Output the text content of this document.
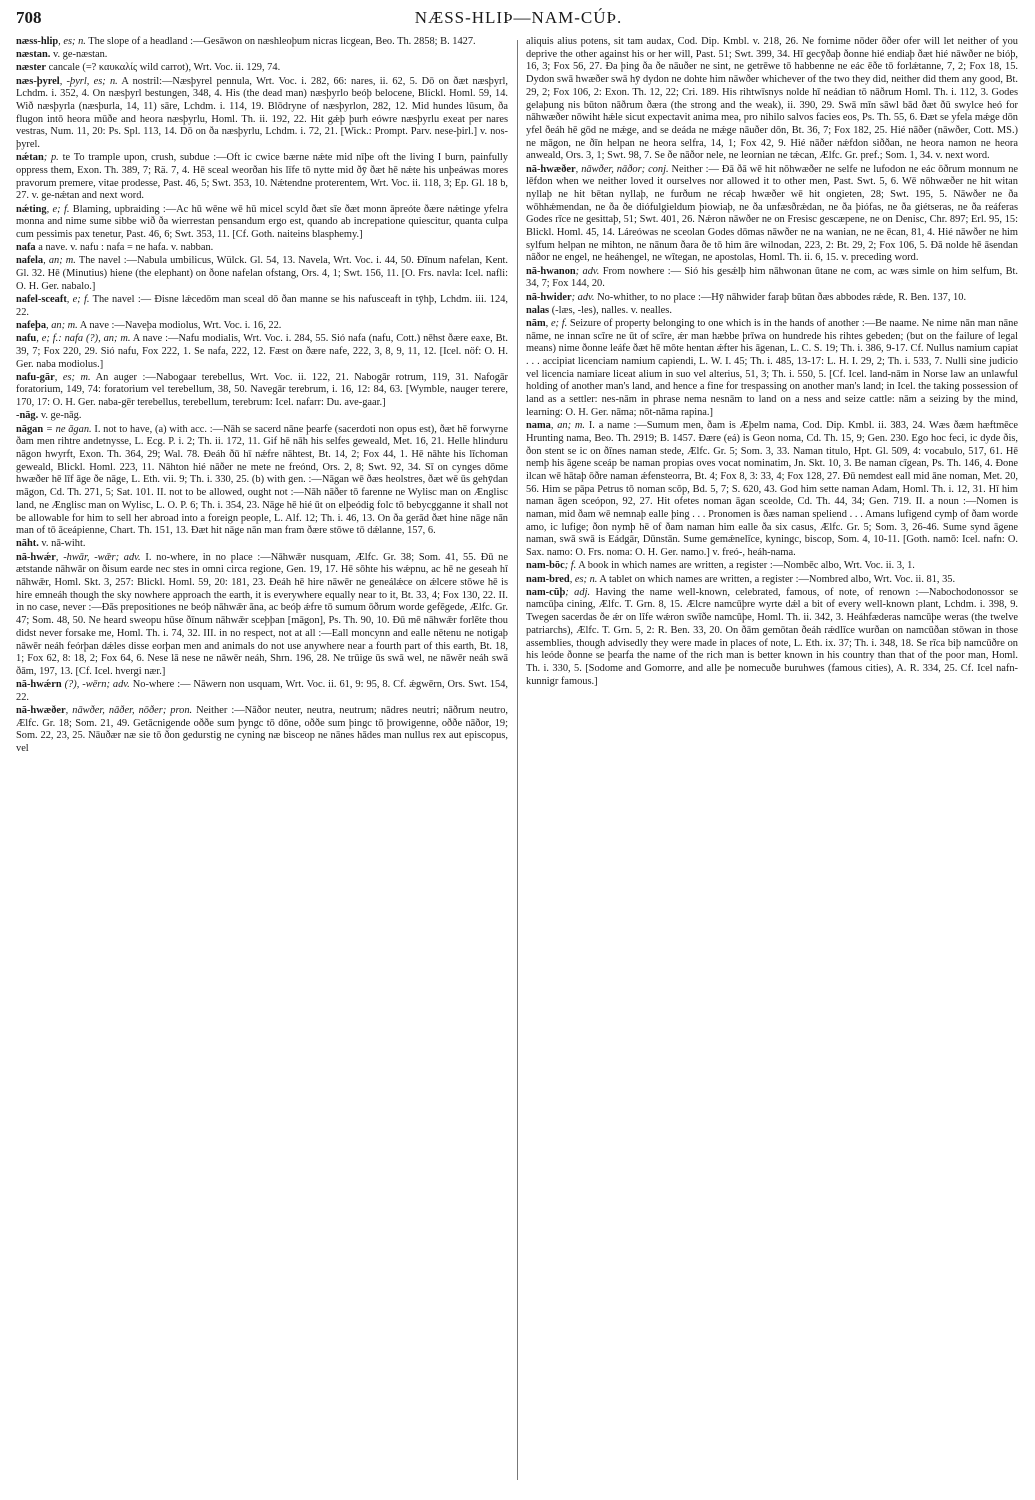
708	NÆSS-HLIÞ—NAM-CÚÞ.

næss-hlip, es; n. The slope of a headland :—Gesāwon on næshleoþum nicras licgean, Beo. Th. 2858; B. 1427.

næstan. v. ge-næstan.

næster cancale (=? καυκαλίς wild carrot), Wrt. Voc. ii. 129, 74.

næs-þyrel, -þyrl, es; n. A nostril:—Næsþyrel pennula, Wrt. Voc. i. 282, 66: nares, ii. 62, 5. Dō on ðæt næsþyrl, Lchdm. i. 352, 4. On næsþyrl bestungen, 348, 4. His (the dead man) næsþyrlo beóþ belocene, Blickl. Homl. 59, 14. Wið næsþyrla (næsþurla, 14, 11) sāre, Lchdm. i. 114, 19. Blōdryne of næsþyrlon, 282, 12. Mid hundes lūsum, ða flugon intō heora mūðe and heora næsþyrlu, Homl. Th. ii. 192, 22. Hit gǽþ þurh eówre næsþyrlu exeat per nares vestras, Num. 11, 20: Ps. Spl. 113, 14. Dō on ða næsþyrlu, Lchdm. i. 72, 21. [Wick.: Prompt. Parv. nese-þirl.] v. nos-þyrel.

nǽtan; p. te To trample upon, crush, subdue :—Oft ic cwice bærne nǽte mid nīþe oft the living I burn, painfully oppress them, Exon. Th. 389, 7; Rä. 7, 4. Hē sceal weorðan his līfe tō nytte mid ðȳ ðæt hē nǽte his unþeáwas mores pravorum premere, vitae prodesse, Past. 46, 5; Swt. 353, 10. Nǽtendne proterentem, Wrt. Voc. ii. 118, 3; Ep. Gl. 18 b, 27. v. ge-nǽtan and next word.

nǽting, e; f. Blaming, upbraiding :—Ac hū wēne wē hū micel scyld ðæt sīe ðæt monn āpreóte ðære nǽtinge yfelra monna and nime sume sibbe wið ða wierrestan pensandum ergo est, quando ab increpatione quiescitur, quanta culpa cum pessimis pax tenetur, Past. 46, 6; Swt. 353, 11. [Cf. Goth. naiteins blasphemy.]

nafa a nave. v. nafu : nafa = ne hafa. v. nabban.

nafela, an; m. The navel :—Nabula umbilicus, Wülck. Gl. 54, 13. Navela, Wrt. Voc. i. 44, 50. Ðīnum nafelan, Kent. Gl. 32. Hē (Minutius) hiene (the elephant) on ðone nafelan ofstang, Ors. 4, 1; Swt. 156, 11. [O. Frs. navla: Icel. nafli: O. H. Ger. nabalo.]

nafel-sceaft, e; f. The navel :— Ðisne lǽcedōm man sceal dō ðan manne se his nafusceaft in tȳhþ, Lchdm. iii. 124, 22.

nafeþa, an; m. A nave :—Naveþa modiolus, Wrt. Voc. i. 16, 22.

nafu, e; f.: nafa (?), an; m. A nave :—Nafu modialis, Wrt. Voc. i. 284, 55. Sió nafa (nafu, Cott.) nēhst ðære eaxe, Bt. 39, 7; Fox 220, 29. Sió nafu, Fox 222, 1. Se nafa, 222, 12. Fæst on ðære nafe, 222, 3, 8, 9, 11, 12. [Icel. nöf: O. H. Ger. naba modiolus.]

nafu-gār, es; m. An auger :—Nabogaar terebellus, Wrt. Voc. ii. 122, 21. Nabogār rotrum, 119, 31. Nafogār foratorium, 149, 74: foratorium vel terebellum, 38, 50. Navegār terebrum, i. 16, 12: 84, 63. [Wymble, nauger terere, 170, 17: O. H. Ger. naba-gēr terebellus, terebellum, terebrum: Icel. nafarr: Du. ave-gaar.]

-nāg. v. ge-nāg.

nāgan = ne āgan. I. not to have, (a) with acc. :—Nāh se sacerd nāne þearfe (sacerdoti non opus est), ðæt hē forwyrne ðam men rihtre andetnysse, L. Ecg. P. i. 2; Th. ii. 172, 11. Gif hē nāh his selfes geweald, Met. 16, 21. Helle hlinduru nāgon hwyrft, Exon. Th. 364, 29; Wal. 78. Ðeáh ðū hī nǽfre nāhtest, Bt. 14, 2; Fox 44, 1. Hē nāhte his līchoman geweald, Blickl. Homl. 223, 11. Nāhton hié nāðer ne mete ne freónd, Ors. 2, 8; Swt. 92, 34. Sī on cynges dōme hwæðer hē līf āge ðe nāge, L. Eth. vii. 9; Th. i. 330, 25. (b) with gen. :—Nāgan wē ðæs heolstres, ðæt wē ūs gehȳdan māgon, Cd. Th. 271, 5; Sat. 101. II. not to be allowed, ought not :—Nāh nāðer tō farenne ne Wylisc man on Ænglisc land, ne Ænglisc man on Wylisc, L. O. P. 6; Th. i. 354, 23. Nāge hē hié ūt on elþeódig folc tō bebycgganne it shall not be allowable for him to sell her abroad into a foreign people, L. Alf. 12; Th. i. 46, 13. On ða gerād ðæt hine nāge nān man of tō āceápienne, Chart. Th. 151, 13. Ðæt hit nāge nān man fram ðære stōwe tō dǽlanne, 157, 6.

nāht. v. nā-wiht.

nā-hwǽr, -hwār, -wǣr; adv. I. no-where, in no place :—Nāhwǣr nusquam, Ælfc. Gr. 38; Som. 41, 55. Ðū ne ætstande nāhwār on ðisum earde nec stes in omni circa regione, Gen. 19, 17. Hē sōhte his wǽpnu, ac hē ne geseah hī nāhwǣr, Homl. Skt. 3, 257: Blickl. Homl. 59, 20: 181, 23. Ðeáh hē hire nāwēr ne geneálǽce on ǽlcere stōwe hē is hire emneáh though the sky nowhere approach the earth, it is everywhere equally near to it, Bt. 33, 4; Fox 130, 22. II. in no case, never :—Ðās prepositiones ne beóþ nāhwǣr āna, ac beóþ ǽfre tō sumum ōðrum worde gefēgede, Ælfc. Gr. 47; Som. 48, 50. Ne heard sweopu hūse ðīnum nāhwǣr sceþþan [māgon], Ps. Th. 90, 10. Ðū mē nāhwǣr forlēte thou didst never forsake me, Homl. Th. i. 74, 32. III. in no respect, not at all :—Eall moncynn and ealle nētenu ne notigaþ nāwēr neáh feórþan dǽles disse eorþan men and animals do not use anywhere near a fourth part of this earth, Bt. 18, 1; Fox 62, 8: 18, 2; Fox 64, 6. Nese lā nese ne nāwēr neáh, Shrn. 196, 28. Ne trūige ūs swā wel, ne nāwēr neáh swā ðām, 197, 13. [Cf. Icel. hvergi nær.]

nā-hwǽrn (?), -wērn; adv. No-where :— Nāwern non usquam, Wrt. Voc. ii. 61, 9: 95, 8. Cf. ǽgwērn, Ors. Swt. 154, 22.

nā-hwæðer, nāwðer, nāðer, nōðer; pron. Neither :—Nāðor neuter, neutra, neutrum; nādres neutri; nāðrum neutro, Ælfc. Gr. 18; Som. 21, 49. Getācnigende oððe sum þyngc tō dōne, oððe sum þingc tō þrowigenne, oððe nāðor, 19; Som. 22, 23, 25. Nāuðær næ sie tō ðon gedurstig ne cyning næ bisceop ne nānes hādes man nullus rex aut episcopus, vel

aliquis alius potens, sit tam audax, Cod. Dip. Kmbl. v. 218, 26. Ne fornime nōder ōðer ofer will let neither of you deprive the other against his or her will, Past. 51; Swt. 399, 34. Hī gecȳðaþ ðonne hié endiaþ ðæt hié nāwðer ne bióþ, 16, 3; Fox 56, 27. Ða þing ða ðe nāuðer ne sint, ne getrēwe tō habbenne ne eác ēðe tō forlǽtanne, 7, 2; Fox 18, 15. Dydon swā hwæðer swā hȳ dydon ne dohte him nāwðer whichever of the two they did, neither did them any good, Bt. 29, 2; Fox 106, 2: Exon. Th. 12, 22; Cri. 189. His rihtwīsnys nolde hī neádian tō nāðrum Homl. Th. i. 112, 3. Godes gelaþung nis būton nāðrum ðæra (the strong and the weak), ii. 390, 29. Swā mīn sāwl bād ðæt ðū swylce heó for nāhwæðer nōwiht hǽle sicut expectavit anima mea, pro nihilo salvos facies eos, Ps. Th. 55, 6. Ðæt se yfela mǽge dōn yfel ðeáh hē gōd ne mǽge, and se deáda ne mǽge nāuðer dōn, Bt. 36, 7; Fox 182, 25. Hié nāðer (nāwðer, Cott. MS.) ne māgon, ne ðīn helpan ne heora selfra, 14, 1; Fox 42, 9. Hié nāðer nǽfdon siððan, ne heora namon ne heora anweald, Ors. 3, 1; Swt. 98, 7. Se ðe nāðor nele, ne leornian ne tǽcan, Ælfc. Gr. pref.; Som. 1, 34. v. next word.

nā-hwæðer, nāwðer, nāðor; conj. Neither :— Ðā ðā wē hit nōhwæðer ne selfe ne lufodon ne eác ōðrum monnum ne lēfdon when we neither loved it ourselves nor allowed it to other men, Past. Swt. 5, 6. Wē nōhwæðer ne hit witan nyllaþ ne hit bētan nyllaþ, ne furðum ne récaþ hwæðer wē hit ongieten, 28; Swt. 195, 5. Nāwðer ne ða wōhhǽmendan, ne ða ðe diófulgieldum þiowiaþ, ne ða unfæsðrǽdan, ne ða þiófas, ne ða giétseras, ne ða reáferas Godes rīce ne gesittaþ, 51; Swt. 401, 26. Nǽron nāwðer ne on Fresisc gescæpene, ne on Denisc, Chr. 897; Erl. 95, 15: Blickl. Homl. 45, 14. Láreówas ne sceolan Godes dōmas nāwðer ne na wanian, ne ne ēcan, 81, 4. Hié nāwðer ne him sylfum helpan ne mihton, ne nānum ðara ðe tō him āre wilnodan, 223, 2: Bt. 29, 2; Fox 106, 5. Ðā nolde hē āsendan nāðor ne engel, ne heáhengel, ne wītegan, ne apostolas, Homl. Th. ii. 6, 15. v. preceding word.

nā-hwanon; adv. From nowhere :— Sió his gesǽlþ him nāhwonan ūtane ne com, ac wæs simle on him selfum, Bt. 34, 7; Fox 144, 20.

nā-hwider; adv. No-whither, to no place :—Hȳ nāhwider faraþ būtan ðæs abbodes rǽde, R. Ben. 137, 10.

nalas (-læs, -les), nalles. v. nealles.

nām, e; f. Seizure of property belonging to one which is in the hands of another :—Be naame. Ne nime nān man nāne nāme, ne innan scīre ne ūt of scīre, ǽr man hæbbe þrīwa on hundrede his rihtes gebeden; (but on the failure of legal means) nime ðonne leáfe ðæt hē mōte hentan ǽfter his āgenan, L. C. S. 19; Th. i. 386, 9-17. Cf. Nullus namium capiat . . . accipiat licenciam namium capiendi, L. W. I. 45; Th. i. 485, 13-17: L. H. I. 29, 2; Th. i. 533, 7. Nulli sine judicio vel licencia namiare liceat alium in suo vel alterius, 51, 3; Th. i. 550, 5. [Cf. Icel. land-nām in Norse law an unlawful holding of another man's land, and hence a fine for trespassing on another man's land; in Icel. the taking possession of land as a settler: nes-nām in phrase nema nesnām to land on a ness and seize cattle: nām a seizing by the mind, learning: O. H. Ger. nāma; nōt-nāma rapina.]

nama, an; m. I. a name :—Sumum men, ðam is Æþelm nama, Cod. Dip. Kmbl. ii. 383, 24. Wæs ðæm hæftmēce Hrunting nama, Beo. Th. 2919; B. 1457. Ðære (eá) is Geon noma, Cd. Th. 15, 9; Gen. 230. Ego hoc feci, ic dyde ðis, ðon stent se ic on ðīnes naman stede, Ælfc. Gr. 5; Som. 3, 33. Naman titulo, Hpt. Gl. 509, 4: vocabulo, 517, 61. Hē nemþ his āgene sceáp be naman propias oves vocat nominatim, Jn. Skt. 10, 3. Be naman cīgean, Ps. Th. 146, 4. Ðone ilcan wē hātaþ ōðre naman ǽfensteorra, Bt. 4; Fox 8, 3: 33, 4; Fox 128, 27. Ðū nemdest eall mid āne noman, Met. 20, 56. Him se pāpa Petrus tō noman scōp, Bd. 5, 7; S. 620, 43. God him sette naman Adam, Homl. Th. i. 12, 31. Hī him naman āgen sceópon, 92, 27. Hit ofetes noman āgan sceolde, Cd. Th. 44, 34; Gen. 719. II. a noun :—Nomen is naman, mid ðam wē nemnaþ ealle þing . . . Pronomen is ðæs naman speliend . . . Amans lufigend cymþ of ðam worde amo, ic lufige; ðon nymþ hē of ðam naman him ealle ða six casus, Ælfc. Gr. 5; Som. 3, 26-46. Sume synd āgene naman, swā swā is Eádgār, Dūnstān. Sume gemǽnelīce, kyningc, biscop, Som. 4, 10-11. [Goth. namō: Icel. nafn: O. Sax. namo: O. Frs. noma: O. H. Ger. namo.] v. freó-, heáh-nama.

nam-bōc; f. A book in which names are written, a register :—Nombēc albo, Wrt. Voc. ii. 3, 1.

nam-bred, es; n. A tablet on which names are written, a register :—Nombred albo, Wrt. Voc. ii. 81, 35.

nam-cūþ; adj. Having the name well-known, celebrated, famous, of note, of renown :—Nabochodonossor se namcūþa cining, Ælfc. T. Grn. 8, 15. Ælcre namcūþre wyrte dǽl a bit of every well-known plant, Lchdm. i. 398, 9. Twegen sacerdas ðe ǽr on līfe wǽron swīðe namcūþe, Homl. Th. ii. 342, 3. Heáhfæderas namcūþe weras (the twelve patriarchs), Ælfc. T. Grn. 5, 2: R. Ben. 33, 20. On ðām gemōtan ðeáh rǽdlīce wurðan on namcūðan stōwan in those assemblies, though advisedly they were made in places of note, L. Eth. ix. 37; Th. i. 348, 18. Se rīca biþ namcūðre on his leóde ðonne se þearfa the name of the rich man is better known in his country than that of the poor man, Homl. Th. i. 330, 5. [Sodome and Gomorre, and alle þe nomecuðe buruhwes (famous cities), A. R. 334, 25. Cf. Icel nafn-kunnigr famous.]
